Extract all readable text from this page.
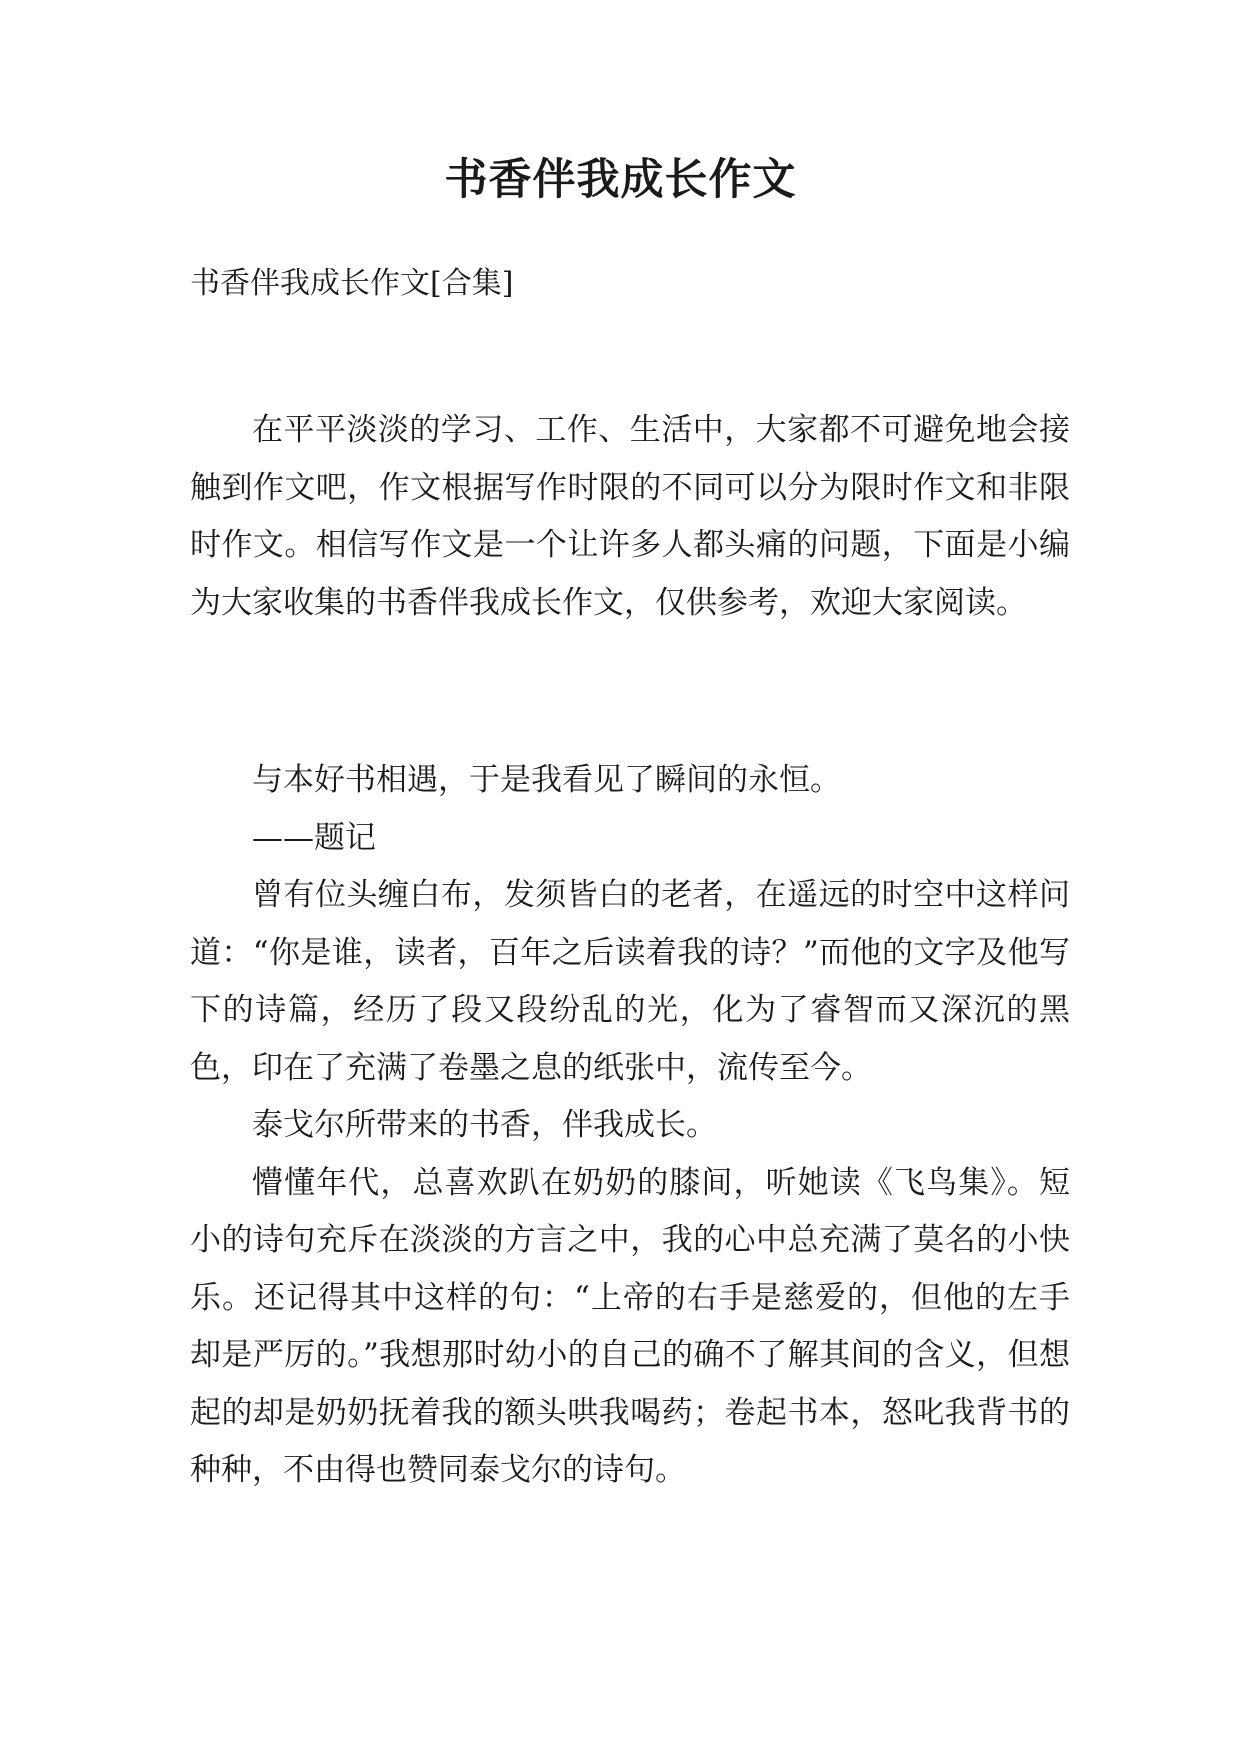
书香伴我成长作文

书香伴我成长作文[合集]

在平平淡淡的学习、工作、生活中，大家都不可避免地会接触到作文吧，作文根据写作时限的不同可以分为限时作文和非限时作文。相信写作文是一个让许多人都头痛的问题，下面是小编为大家收集的书香伴我成长作文，仅供参考，欢迎大家阅读。

与本好书相遇，于是我看见了瞬间的永恒。

——题记

曾有位头缠白布，发须皆白的老者，在遥远的时空中这样问道：“你是谁，读者，百年之后读着我的诗？”而他的文字及他写下的诗篇，经历了段又段纷乱的光，化为了睿智而又深沉的黑色，印在了充满了卷墨之息的纸张中，流传至今。

泰戈尔所带来的书香，伴我成长。

懵懂年代，总喜欢趴在奶奶的膝间，听她读《飞鸟集》。短小的诗句充斥在淡淡的方言之中，我的心中总充满了莫名的小快乐。还记得其中这样的句：“上帝的右手是慈爱的，但他的左手却是严厉的。”我想那时幼小的自己的确不了解其间的含义，但想起的却是奶奶抚着我的额头哄我喝药；卷起书本，怒叱我背书的种种，不由得也赞同泰戈尔的诗句。
